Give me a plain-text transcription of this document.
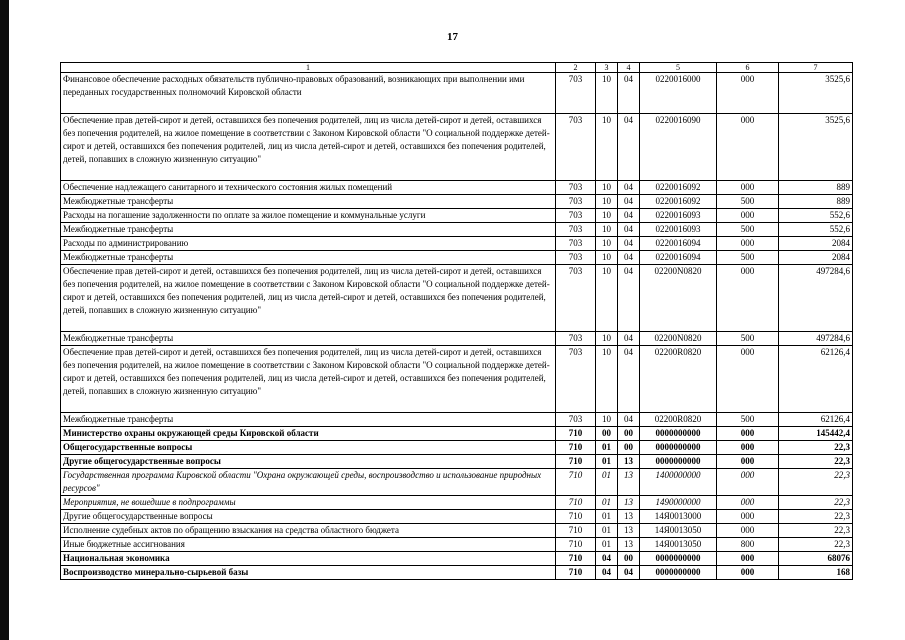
17
1	2	3	4	5	6	7
Финансовое обеспечение расходных обязательств публично-правовых образований, возникающих при выполнении ими переданных государственных полномочий Кировской области	703	10	04	0220016000	000	3525,6
Обеспечение прав детей-сирот и детей, оставшихся без попечения родителей, лиц из числа детей-сирот и детей, оставшихся без попечения родителей, на жилое помещение в соответствии с Законом Кировской области "О социальной поддержке детей-сирот и детей, оставшихся без попечения родителей, лиц из числа детей-сирот и детей, оставшихся без попечения родителей, детей, попавших в сложную жизненную ситуацию"	703	10	04	0220016090	000	3525,6
Обеспечение надлежащего санитарного и технического состояния жилых помещений	703	10	04	0220016092	000	889
Межбюджетные трансферты	703	10	04	0220016092	500	889
Расходы на погашение задолженности по оплате за жилое помещение и коммунальные услуги	703	10	04	0220016093	000	552,6
Межбюджетные трансферты	703	10	04	0220016093	500	552,6
Расходы по администрированию	703	10	04	0220016094	000	2084
Межбюджетные трансферты	703	10	04	0220016094	500	2084
Обеспечение прав детей-сирот и детей, оставшихся без попечения родителей, лиц из числа детей-сирот и детей, оставшихся без попечения родителей, на жилое помещение в соответствии с Законом Кировской области "О социальной поддержке детей-сирот и детей, оставшихся без попечения родителей, лиц из числа детей-сирот и детей, оставшихся без попечения родителей, детей, попавших в сложную жизненную ситуацию"	703	10	04	02200N0820	000	497284,6
Межбюджетные трансферты	703	10	04	02200N0820	500	497284,6
Обеспечение прав детей-сирот и детей, оставшихся без попечения родителей, лиц из числа детей-сирот и детей, оставшихся без попечения родителей, на жилое помещение в соответствии с Законом Кировской области "О социальной поддержке детей-сирот и детей, оставшихся без попечения родителей, лиц из числа детей-сирот и детей, оставшихся без попечения родителей, детей, попавших в сложную жизненную ситуацию"	703	10	04	02200R0820	000	62126,4
Межбюджетные трансферты	703	10	04	02200R0820	500	62126,4
Министерство охраны окружающей среды Кировской области	710	00	00	0000000000	000	145442,4
Общегосударственные вопросы	710	01	00	0000000000	000	22,3
Другие общегосударственные вопросы	710	01	13	0000000000	000	22,3
Государственная программа Кировской области "Охрана окружающей среды, воспроизводство и использование природных ресурсов"	710	01	13	1400000000	000	22,3
Мероприятия, не вошедшие в подпрограммы	710	01	13	1490000000	000	22,3
Другие общегосударственные вопросы	710	01	13	14Я0013000	000	22,3
Исполнение судебных актов по обращению взыскания на средства областного бюджета	710	01	13	14Я0013050	000	22,3
Иные бюджетные ассигнования	710	01	13	14Я0013050	800	22,3
Национальная экономика	710	04	00	0000000000	000	68076
Воспроизводство минерально-сырьевой базы	710	04	04	0000000000	000	168
